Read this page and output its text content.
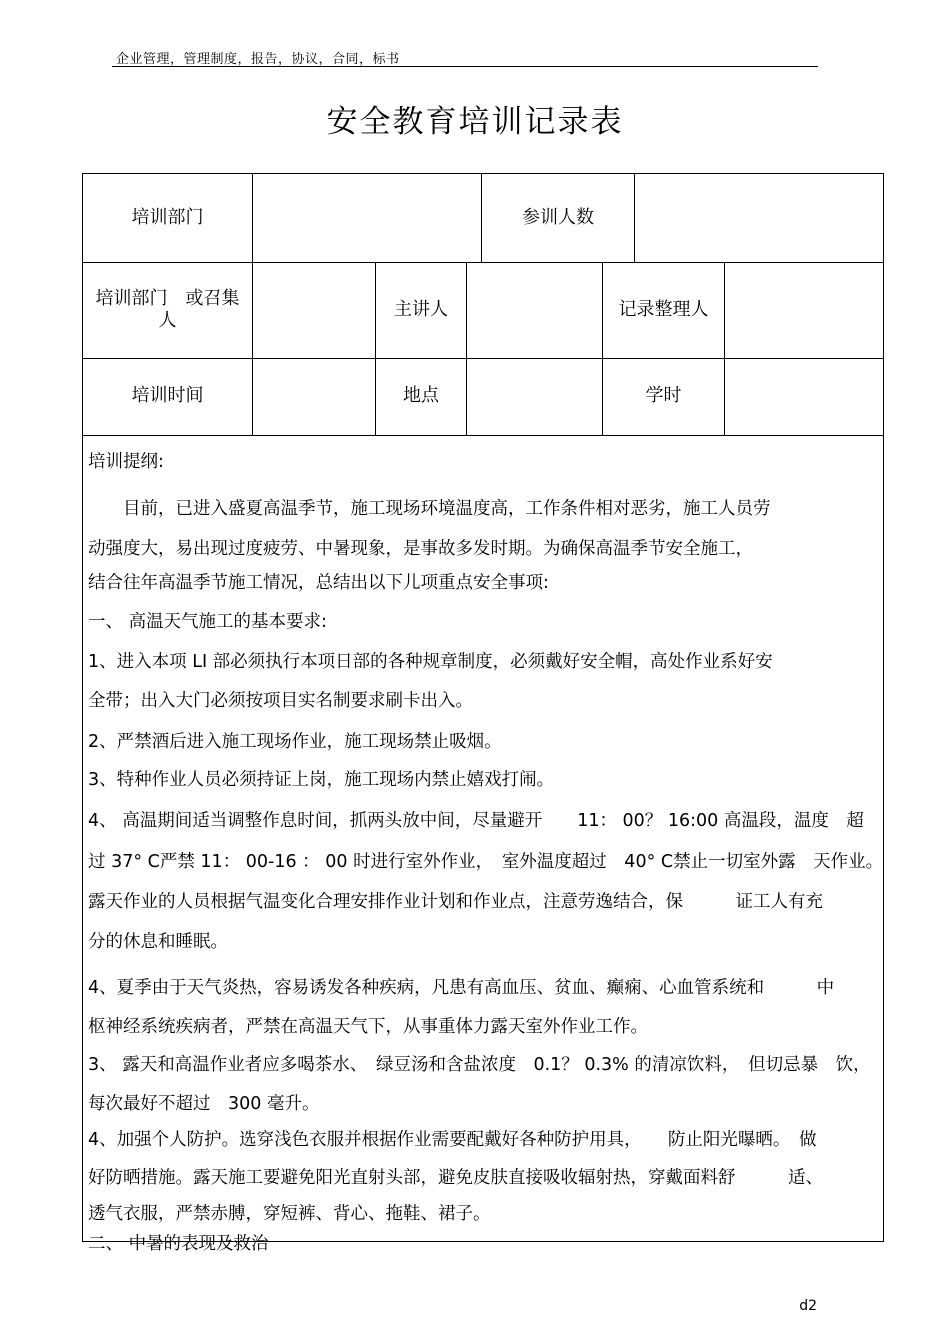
企业管理，管理制度，报告，协议，合同，标书
安全教育培训记录表
培训部门	参训人数
培训部门　或召集
人
主讲人	记录整理人
培训时间	地点	学时
培训提纲:
　　目前，已进入盛夏高温季节，施工现场环境温度高，工作条件相对恶劣，施工人员劳
动强度大，易出现过度疲劳、中暑现象，是事故多发时期。为确保高温季节安全施工，
结合往年高温季节施工情况，总结出以下儿项重点安全事项:
一、 高温天气施工的基本要求:
1、进入本项 LI 部必须执行本项日部的各种规章制度，必须戴好安全帽，高处作业系好安
全带；出入大门必须按项目实名制要求刷卡出入。
2、严禁酒后进入施工现场作业，施工现场禁止吸烟。
3、特种作业人员必须持证上岗，施工现场内禁止嬉戏打闹。
4、 高温期间适当调整作息时间，抓两头放中间，尽量避开　　11： 00？ 16:00 高温段，温度　超
过 37° C严禁 11： 00-16 ： 00 时进行室外作业，　室外温度超过　40° C禁止一切室外露　天作业。
露天作业的人员根据气温变化合理安排作业计划和作业点，注意劳逸结合，保　　　证工人有充
分的休息和睡眠。
4、夏季由于天气炎热，容易诱发各种疾病，凡患有高血压、贫血、癫痫、心血管系统和　　　中
枢神经系统疾病者，严禁在高温天气下，从事重体力露天室外作业工作。
3、 露天和高温作业者应多喝茶水、　绿豆汤和含盐浓度　0.1？ 0.3% 的清凉饮料，　但切忌暴　饮，
每次最好不超过　300 毫升。
4、加强个人防护。选穿浅色衣服并根据作业需要配戴好各种防护用具，　　防止阳光曝晒。　做
好防晒措施。露天施工要避免阳光直射头部，避免皮肤直接吸收辐射热，穿戴面料舒　　　适、
透气衣服，严禁赤膊，穿短裤、背心、拖鞋、裙子。
二、 中暑的表现及救治
d2
